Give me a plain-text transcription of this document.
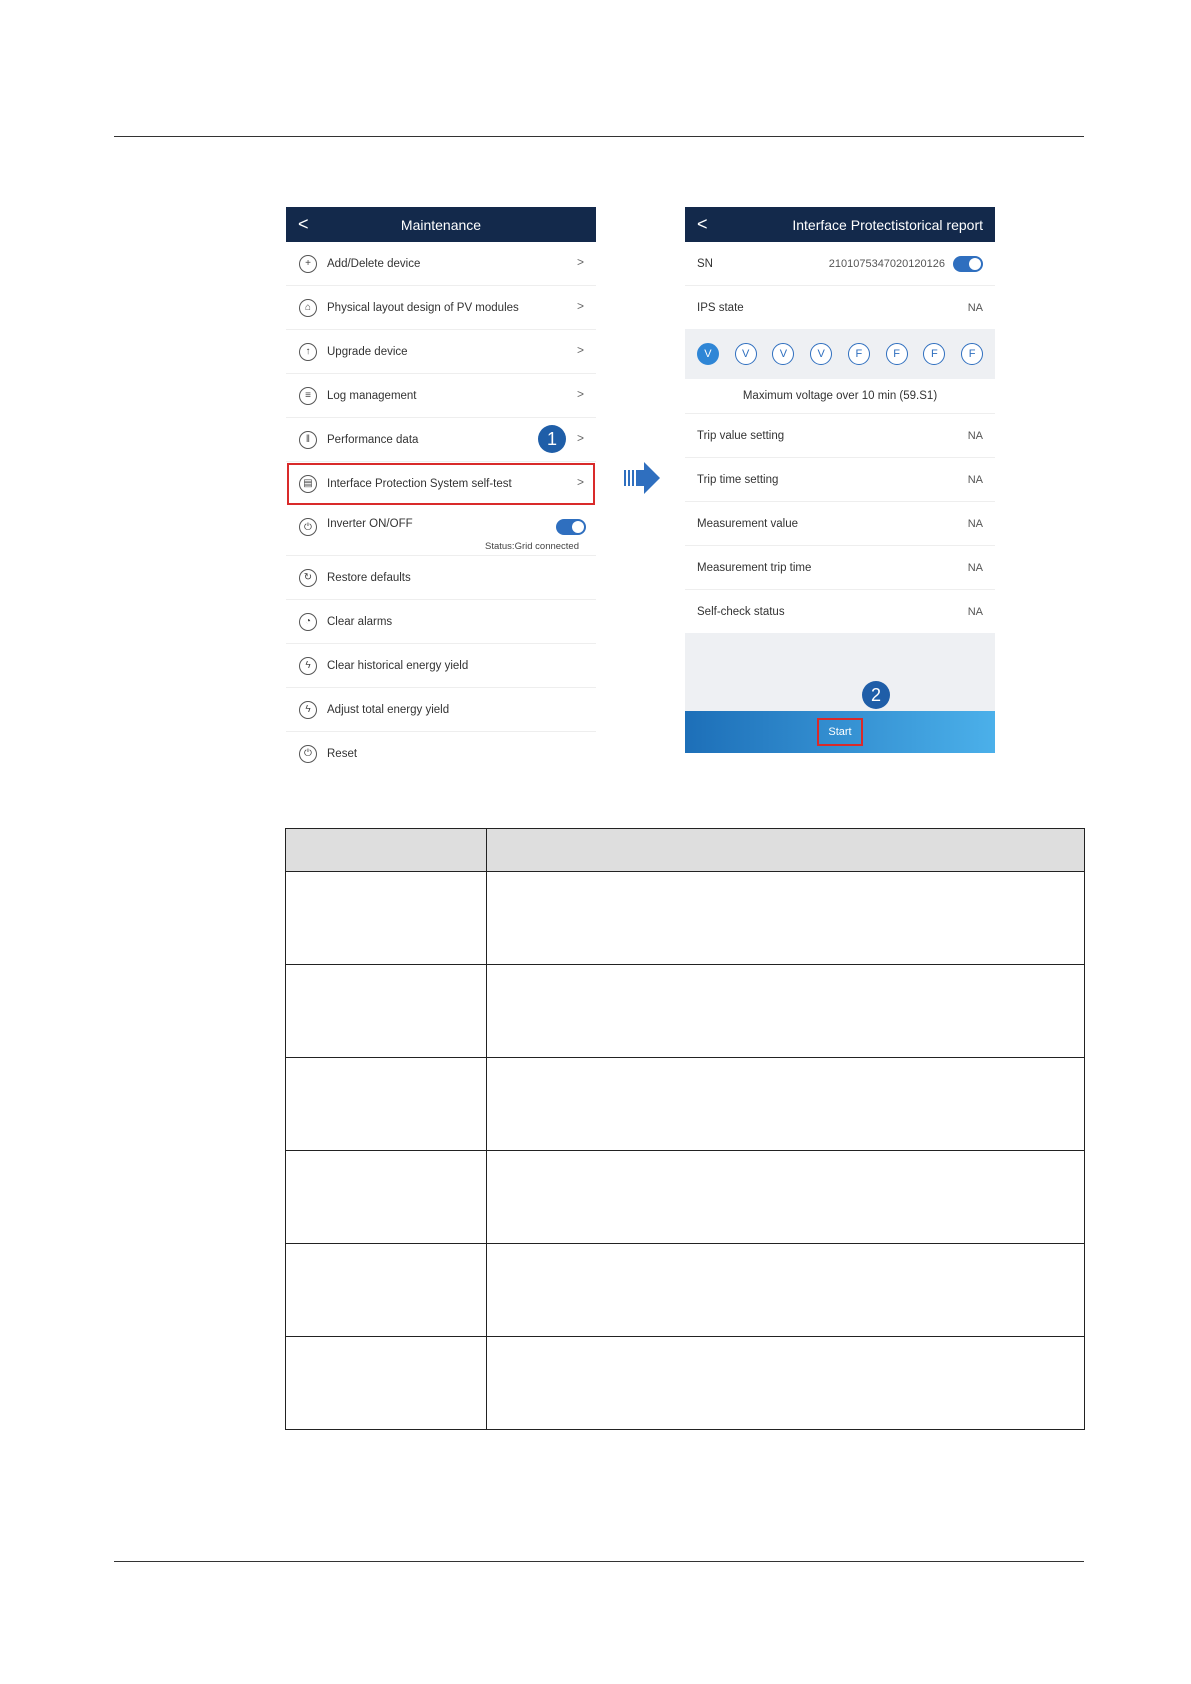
<	Maintenance
+	Add/Delete device	>
⌂	Physical layout design of PV modules	>
↑	Upgrade device	>
≡	Log management	>
‖	Performance data	1	>
▤	Interface Protection System self-test	>
⏻	Inverter ON/OFF
Status:Grid connected
↻	Restore defaults
◔	Clear alarms
ϟ	Clear historical energy yield
ϟ	Adjust total energy yield
⏻	Reset
<	Interface Protectistorical report
SN	2101075347020120126
IPS state	NA
V	V	V	V	F	F	F	F
Maximum voltage over 10 min (59.S1)
Trip value setting	NA
Trip time setting	NA
Measurement value	NA
Measurement trip time	NA
Self-check status	NA
2
Start
